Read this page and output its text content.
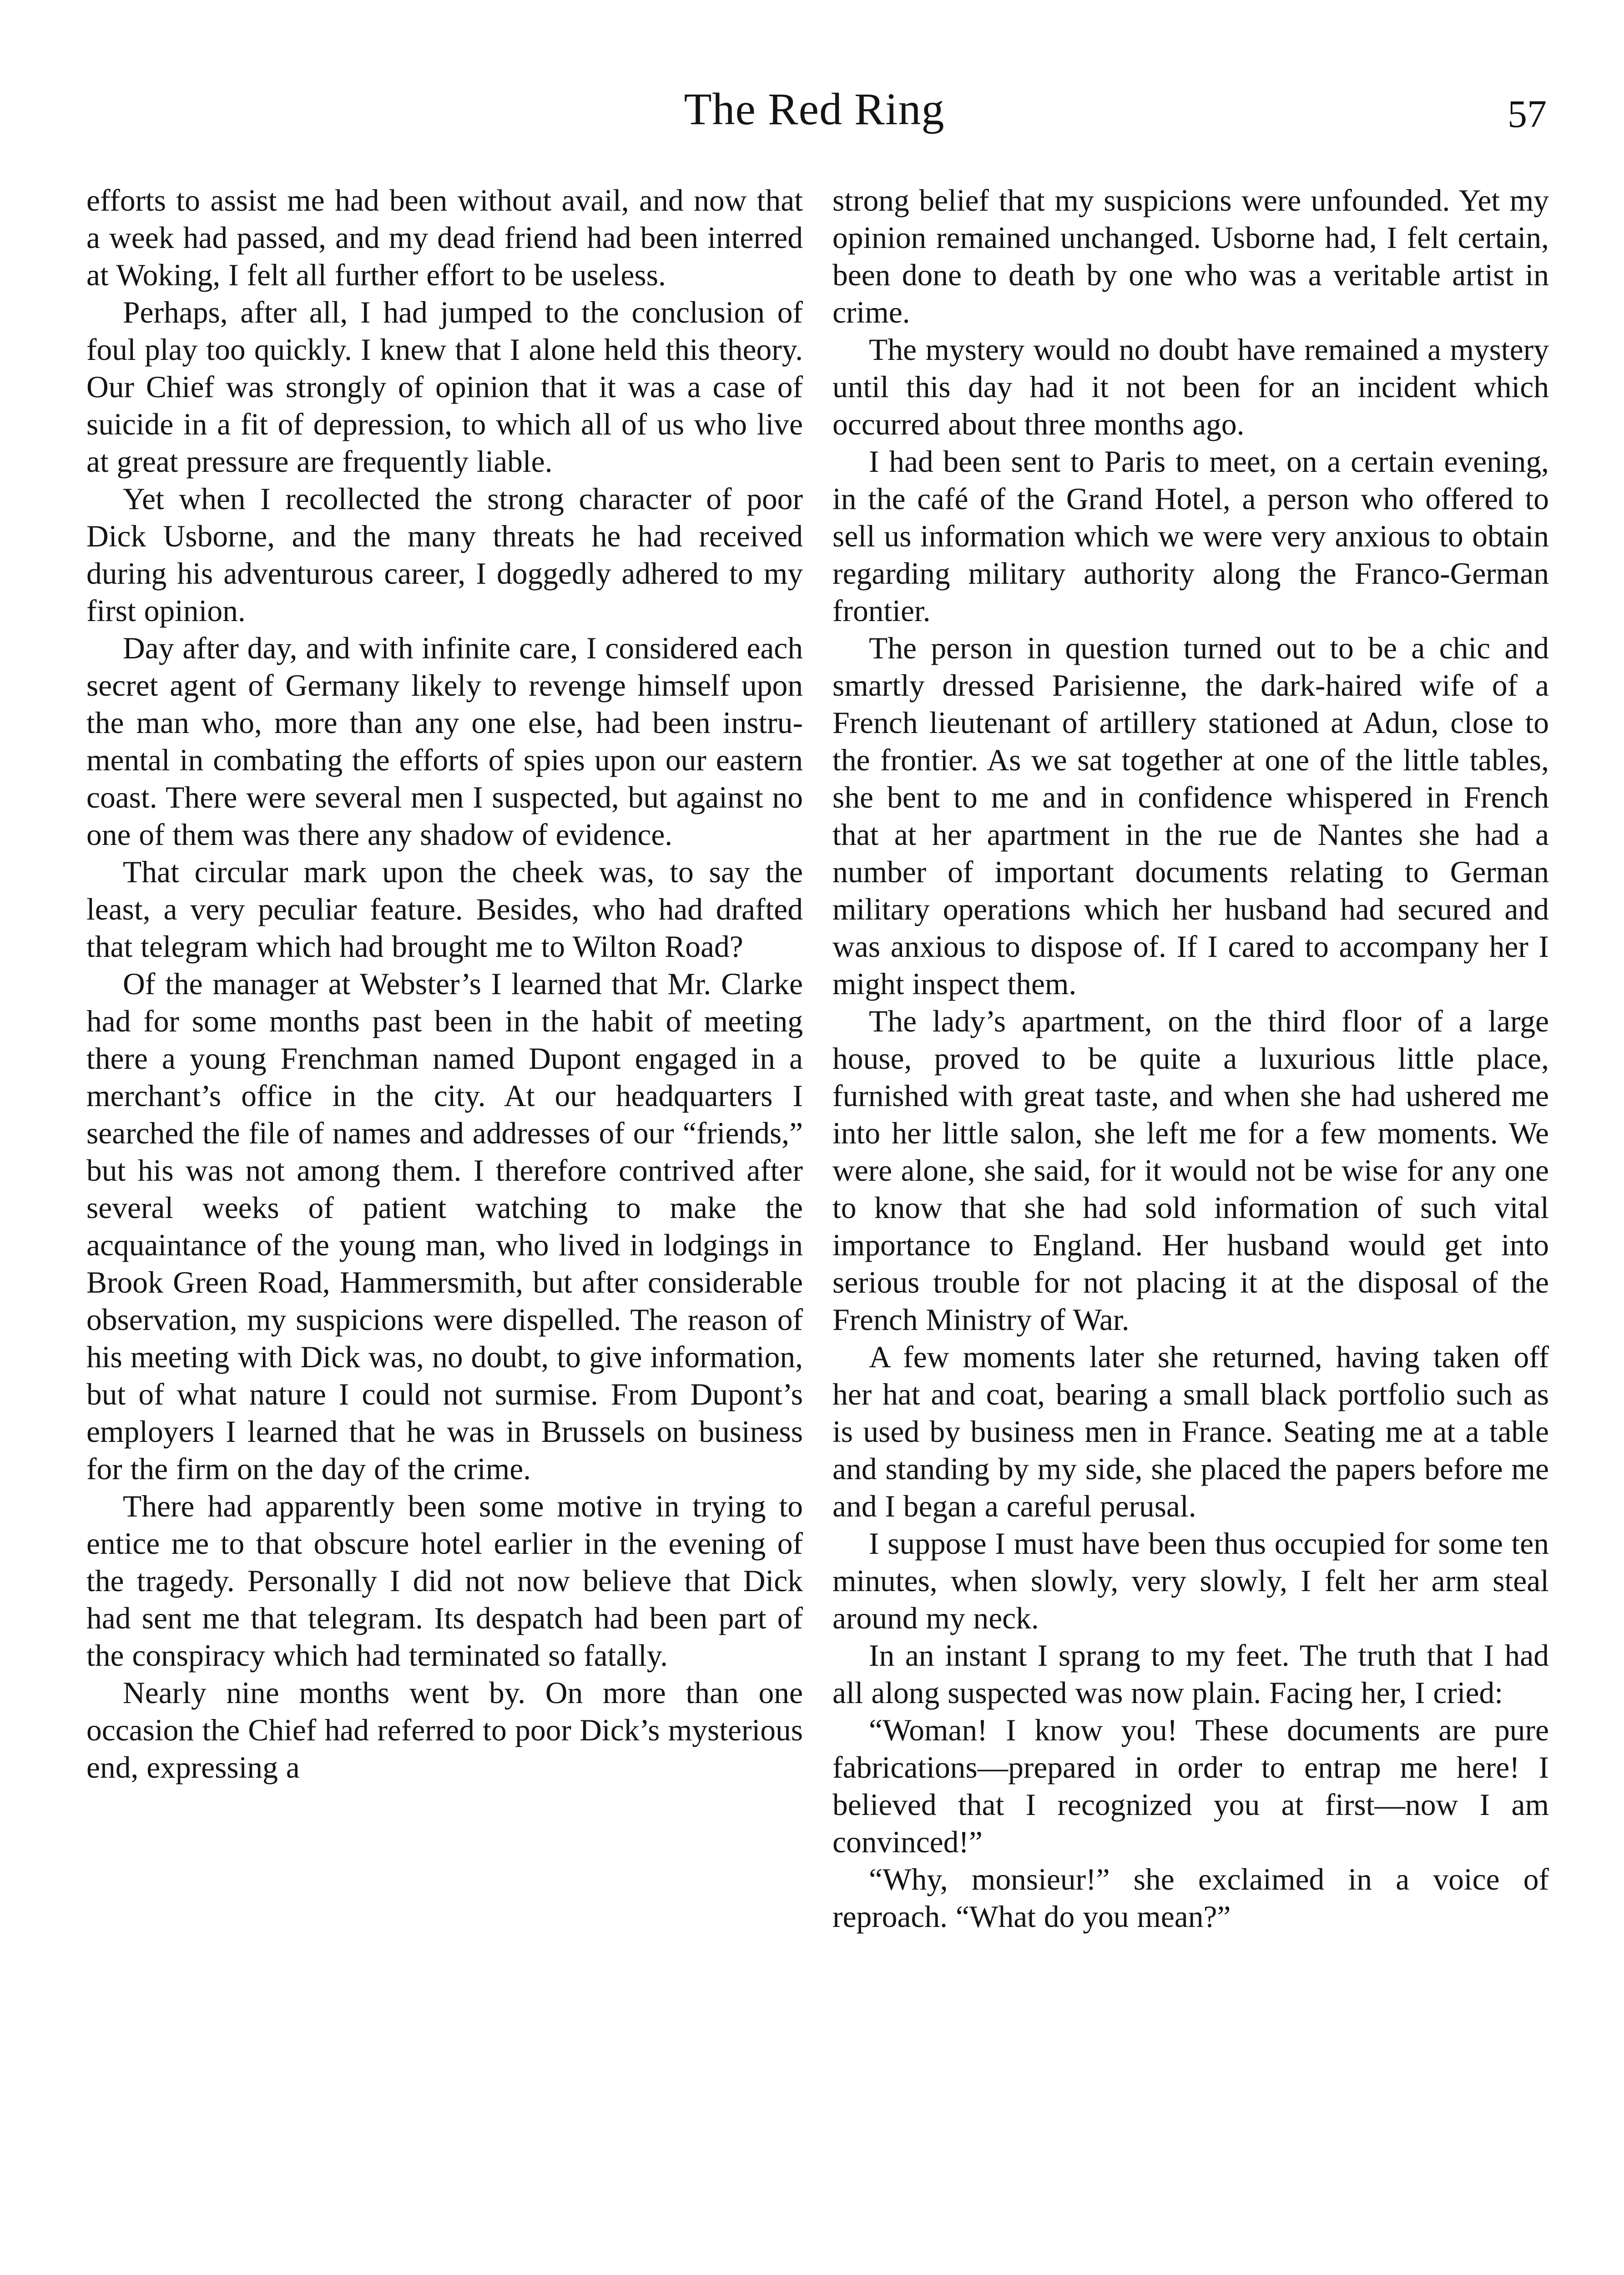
The Red Ring	57

efforts to assist me had been without avail, and now that a week had passed, and my dead friend had been interred at Woking, I felt all further effort to be useless.

Perhaps, after all, I had jumped to the conclusion of foul play too quickly. I knew that I alone held this theory. Our Chief was strongly of opinion that it was a case of suicide in a fit of depression, to which all of us who live at great pressure are frequently liable.

Yet when I recollected the strong character of poor Dick Usborne, and the many threats he had received during his adventurous career, I doggedly adhered to my first opinion.

Day after day, and with infinite care, I considered each secret agent of Germany likely to revenge himself upon the man who, more than any one else, had been instrumental in combating the efforts of spies upon our eastern coast. There were several men I suspected, but against no one of them was there any shadow of evidence.

That circular mark upon the cheek was, to say the least, a very peculiar feature. Besides, who had drafted that telegram which had brought me to Wilton Road?

Of the manager at Webster’s I learned that Mr. Clarke had for some months past been in the habit of meeting there a young Frenchman named Dupont engaged in a merchant’s office in the city. At our headquarters I searched the file of names and addresses of our “friends,” but his was not among them. I therefore contrived after several weeks of patient watching to make the acquaintance of the young man, who lived in lodgings in Brook Green Road, Hammersmith, but after considerable observation, my suspicions were dispelled. The reason of his meeting with Dick was, no doubt, to give information, but of what nature I could not surmise. From Dupont’s employers I learned that he was in Brussels on business for the firm on the day of the crime.

There had apparently been some motive in trying to entice me to that obscure hotel earlier in the evening of the tragedy. Personally I did not now believe that Dick had sent me that telegram. Its despatch had been part of the conspiracy which had terminated so fatally.

Nearly nine months went by. On more than one occasion the Chief had referred to poor Dick’s mysterious end, expressing a

strong belief that my suspicions were unfounded. Yet my opinion remained unchanged. Usborne had, I felt certain, been done to death by one who was a veritable artist in crime.

The mystery would no doubt have remained a mystery until this day had it not been for an incident which occurred about three months ago.

I had been sent to Paris to meet, on a certain evening, in the café of the Grand Hotel, a person who offered to sell us information which we were very anxious to obtain regarding military authority along the Franco-German frontier.

The person in question turned out to be a chic and smartly dressed Parisienne, the dark-haired wife of a French lieutenant of artillery stationed at Adun, close to the frontier. As we sat together at one of the little tables, she bent to me and in confidence whispered in French that at her apartment in the rue de Nantes she had a number of important documents relating to German military operations which her husband had secured and was anxious to dispose of. If I cared to accompany her I might inspect them.

The lady’s apartment, on the third floor of a large house, proved to be quite a luxurious little place, furnished with great taste, and when she had ushered me into her little salon, she left me for a few moments. We were alone, she said, for it would not be wise for any one to know that she had sold information of such vital importance to England. Her husband would get into serious trouble for not placing it at the disposal of the French Ministry of War.

A few moments later she returned, having taken off her hat and coat, bearing a small black portfolio such as is used by business men in France. Seating me at a table and standing by my side, she placed the papers before me and I began a careful perusal.

I suppose I must have been thus occupied for some ten minutes, when slowly, very slowly, I felt her arm steal around my neck.

In an instant I sprang to my feet. The truth that I had all along suspected was now plain. Facing her, I cried:

“Woman! I know you! These documents are pure fabrications—prepared in order to entrap me here! I believed that I recognized you at first—now I am convinced!”

“Why, monsieur!” she exclaimed in a voice of reproach. “What do you mean?”
